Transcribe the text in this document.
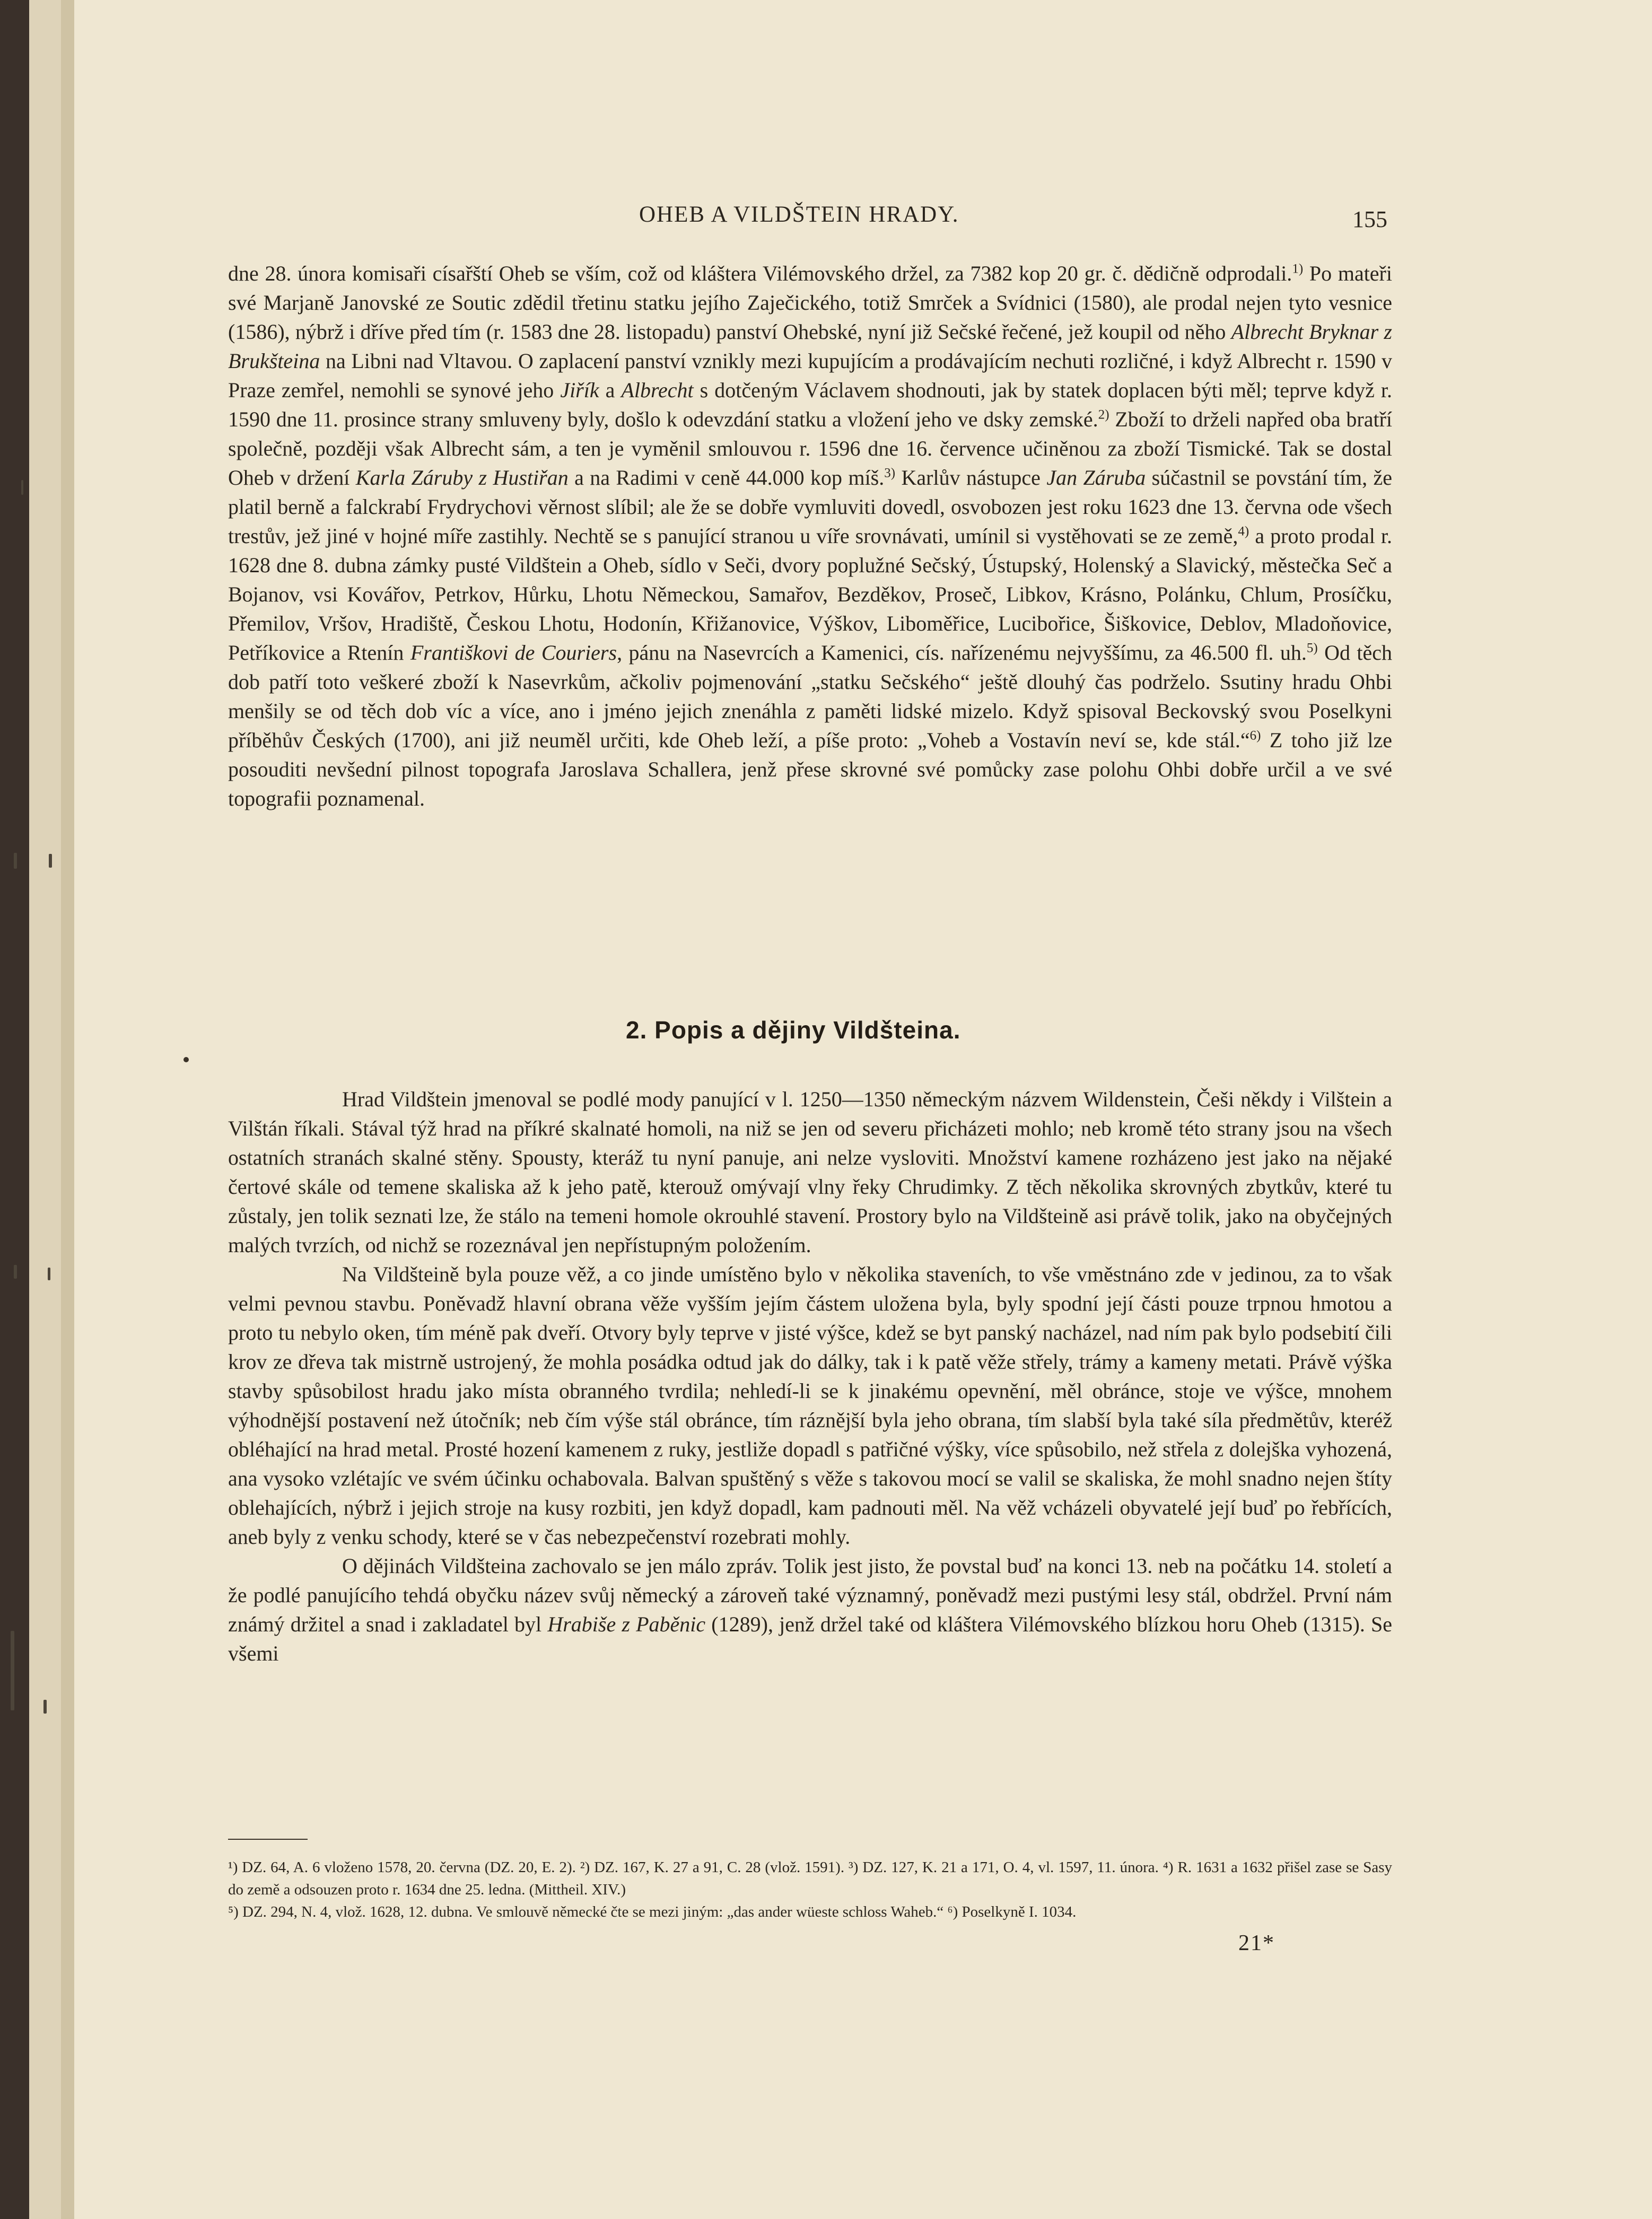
OHEB A VILDŠTEIN HRADY.	155

dne 28. února komisaři císařští Oheb se vším, což od kláštera Vilémovského držel, za 7382 kop 20 gr. č. dědičně odprodali.$^{1)}$ Po mateři své Marjaně Janovské ze Soutic zdědil třetinu statku jejího Zaječického, totiž Smrček a Svídnici (1580), ale prodal nejen tyto vesnice (1586), nýbrž i dříve před tím (r. 1583 dne 28. listopadu) panství Ohebské, nyní již Sečské řečené, jež koupil od něho Albrecht Bryknar z Brukšteina na Libni nad Vltavou. O zaplacení panství vznikly mezi kupujícím a prodávajícím nechuti rozličné, i když Albrecht r. 1590 v Praze zemřel, nemohli se synové jeho Jiřík a Albrecht s dotčeným Václavem shodnouti, jak by statek doplacen býti měl; teprve když r. 1590 dne 11. prosince strany smluveny byly, došlo k odevzdání statku a vložení jeho ve dsky zemské.$^{2)}$ Zboží to drželi napřed oba bratří společně, později však Albrecht sám, a ten je vyměnil smlouvou r. 1596 dne 16. července učiněnou za zboží Tismické. Tak se dostal Oheb v držení Karla Záruby z Hustiřan a na Radimi v ceně 44.000 kop míš.$^{3)}$ Karlův nástupce Jan Záruba súčastnil se povstání tím, že platil berně a falckrabí Frydrychovi věrnost slíbil; ale že se dobře vymluviti dovedl, osvobozen jest roku 1623 dne 13. června ode všech trestův, jež jiné v hojné míře zastihly. Nechtě se s panující stranou u víře srovnávati, umínil si vystěhovati se ze země,$^{4)}$ a proto prodal r. 1628 dne 8. dubna zámky pusté Vildštein a Oheb, sídlo v Seči, dvory poplužné Sečský, Ústupský, Holenský a Slavický, městečka Seč a Bojanov, vsi Kovářov, Petrkov, Hůrku, Lhotu Německou, Samařov, Bezděkov, Proseč, Libkov, Krásno, Polánku, Chlum, Prosíčku, Přemilov, Vršov, Hradiště, Českou Lhotu, Hodonín, Křižanovice, Výškov, Liboměřice, Lucibořice, Šiškovice, Deblov, Mladoňovice, Petříkovice a Rtenín Františkovi de Couriers, pánu na Nasevrcích a Kamenici, cís. nařízenému nejvyššímu, za 46.500 fl. uh.$^{5)}$ Od těch dob patří toto veškeré zboží k Nasevrkům, ačkoliv pojmenování „statku Sečského“ ještě dlouhý čas podrželo. Ssutiny hradu Ohbi menšily se od těch dob víc a více, ano i jméno jejich znenáhla z paměti lidské mizelo. Když spisoval Beckovský svou Poselkyni příběhův Českých (1700), ani již neuměl určiti, kde Oheb leží, a píše proto: „Voheb a Vostavín neví se, kde stál.“$^{6)}$ Z toho již lze posouditi nevšední pilnost topografa Jaroslava Schallera, jenž přese skrovné své pomůcky zase polohu Ohbi dobře určil a ve své topografii poznamenal.

2. Popis a dějiny Vildšteina.

Hrad Vildštein jmenoval se podlé mody panující v l. 1250—1350 německým názvem Wildenstein, Češi někdy i Vilštein a Vilštán říkali. Stával týž hrad na příkré skalnaté homoli, na niž se jen od severu přicházeti mohlo; neb kromě této strany jsou na všech ostatních stranách skalné stěny. Spousty, kteráž tu nyní panuje, ani nelze vysloviti. Množství kamene rozházeno jest jako na nějaké čertové skále od temene skaliska až k jeho patě, kterouž omývají vlny řeky Chrudimky. Z těch několika skrovných zbytkův, které tu zůstaly, jen tolik seznati lze, že stálo na temeni homole okrouhlé stavení. Prostory bylo na Vildšteině asi právě tolik, jako na obyčejných malých tvrzích, od nichž se rozeznával jen nepřístupným položením.

Na Vildšteině byla pouze věž, a co jinde umístěno bylo v několika staveních, to vše vměstnáno zde v jedinou, za to však velmi pevnou stavbu. Poněvadž hlavní obrana věže vyšším jejím částem uložena byla, byly spodní její části pouze trpnou hmotou a proto tu nebylo oken, tím méně pak dveří. Otvory byly teprve v jisté výšce, kdež se byt panský nacházel, nad ním pak bylo podsebití čili krov ze dřeva tak mistrně ustrojený, že mohla posádka odtud jak do dálky, tak i k patě věže střely, trámy a kameny metati. Právě výška stavby spůsobilost hradu jako místa obranného tvrdila; nehledí-li se k jinakému opevnění, měl obránce, stoje ve výšce, mnohem výhodnější postavení než útočník; neb čím výše stál obránce, tím ráznější byla jeho obrana, tím slabší byla také síla předmětův, kteréž obléhající na hrad metal. Prosté hození kamenem z ruky, jestliže dopadl s patřičné výšky, více spůsobilo, než střela z dolejška vyhozená, ana vysoko vzlétajíc ve svém účinku ochabovala. Balvan spuštěný s věže s takovou mocí se valil se skaliska, že mohl snadno nejen štíty oblehajících, nýbrž i jejich stroje na kusy rozbiti, jen když dopadl, kam padnouti měl. Na věž vcházeli obyvatelé její buď po řebřících, aneb byly z venku schody, které se v čas nebezpečenství rozebrati mohly.

O dějinách Vildšteina zachovalo se jen málo zpráv. Tolik jest jisto, že povstal buď na konci 13. neb na počátku 14. století a že podlé panujícího tehdá obyčku název svůj německý a zároveň také významný, poněvadž mezi pustými lesy stál, obdržel. První nám známý držitel a snad i zakladatel byl Hrabiše z Paběnic (1289), jenž držel také od kláštera Vilémovského blízkou horu Oheb (1315). Se všemi

¹) DZ. 64, A. 6 vloženo 1578, 20. června (DZ. 20, E. 2). ²) DZ. 167, K. 27 a 91, C. 28 (vlož. 1591). ³) DZ. 127, K. 21 a 171, O. 4, vl. 1597, 11. února. ⁴) R. 1631 a 1632 přišel zase se Sasy do země a odsouzen proto r. 1634 dne 25. ledna. (Mittheil. XIV.)

⁵) DZ. 294, N. 4, vlož. 1628, 12. dubna. Ve smlouvě německé čte se mezi jiným: „das ander wüeste schloss Waheb.“ ⁶) Poselkyně I. 1034.

21*
